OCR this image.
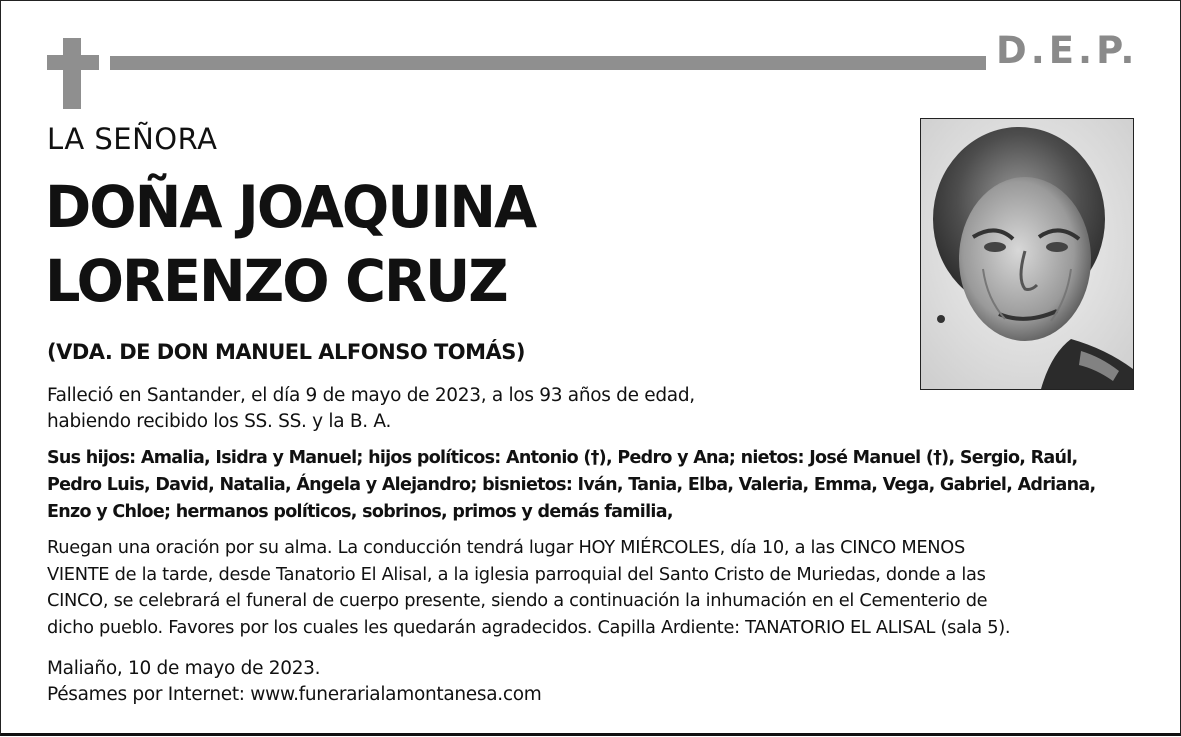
D.E.P.
LA SEÑORA
DOÑA JOAQUINA
LORENZO CRUZ
(VDA. DE DON MANUEL ALFONSO TOMÁS)

Falleció en Santander, el día 9 de mayo de 2023, a los 93 años de edad,

habiendo recibido los SS. SS. y la B. A.

Sus hijos: Amalia, Isidra y Manuel; hijos políticos: Antonio (†), Pedro y Ana; nietos: José Manuel (†), Sergio, Raúl,

Pedro Luis, David, Natalia, Ángela y Alejandro; bisnietos: Iván, Tania, Elba, Valeria, Emma, Vega, Gabriel, Adriana,

Enzo y Chloe; hermanos políticos, sobrinos, primos y demás familia,

Ruegan una oración por su alma. La conducción tendrá lugar HOY MIÉRCOLES, día 10, a las CINCO MENOS

VIENTE de la tarde, desde Tanatorio El Alisal, a la iglesia parroquial del Santo Cristo de Muriedas, donde a las

CINCO, se celebrará el funeral de cuerpo presente, siendo a continuación la inhumación en el Cementerio de

dicho pueblo. Favores por los cuales les quedarán agradecidos. Capilla Ardiente: TANATORIO EL ALISAL (sala 5).

Maliaño, 10 de mayo de 2023.

Pésames por Internet: www.funerarialamontanesa.com
